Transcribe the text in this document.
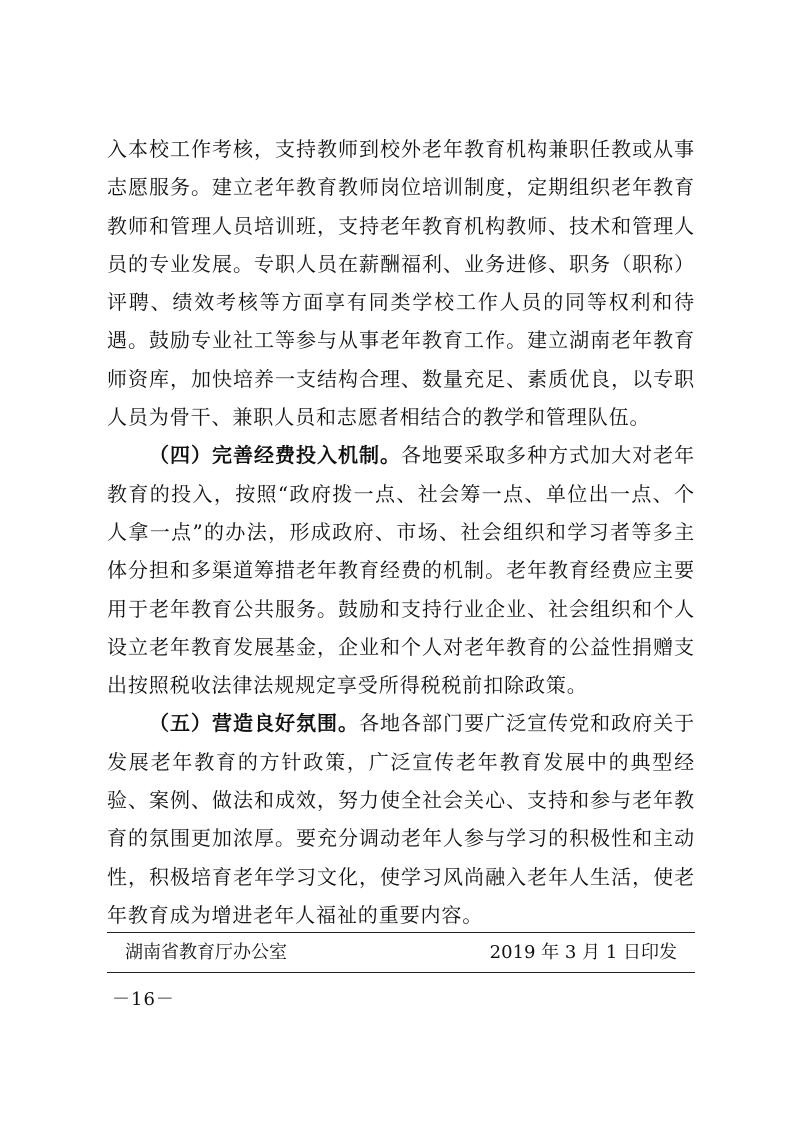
入本校工作考核，支持教师到校外老年教育机构兼职任教或从事志愿服务。建立老年教育教师岗位培训制度，定期组织老年教育教师和管理人员培训班，支持老年教育机构教师、技术和管理人员的专业发展。专职人员在薪酬福利、业务进修、职务（职称）评聘、绩效考核等方面享有同类学校工作人员的同等权利和待遇。鼓励专业社工等参与从事老年教育工作。建立湖南老年教育师资库，加快培养一支结构合理、数量充足、素质优良，以专职人员为骨干、兼职人员和志愿者相结合的教学和管理队伍。

（四）完善经费投入机制。各地要采取多种方式加大对老年教育的投入，按照“政府拨一点、社会筹一点、单位出一点、个人拿一点”的办法，形成政府、市场、社会组织和学习者等多主体分担和多渠道筹措老年教育经费的机制。老年教育经费应主要用于老年教育公共服务。鼓励和支持行业企业、社会组织和个人设立老年教育发展基金，企业和个人对老年教育的公益性捐赠支出按照税收法律法规规定享受所得税税前扣除政策。

（五）营造良好氛围。各地各部门要广泛宣传党和政府关于发展老年教育的方针政策，广泛宣传老年教育发展中的典型经验、案例、做法和成效，努力使全社会关心、支持和参与老年教育的氛围更加浓厚。要充分调动老年人参与学习的积极性和主动性，积极培育老年学习文化，使学习风尚融入老年人生活，使老年教育成为增进老年人福祉的重要内容。

湖南省教育厅办公室	2019 年 3 月 1 日印发
－16－
